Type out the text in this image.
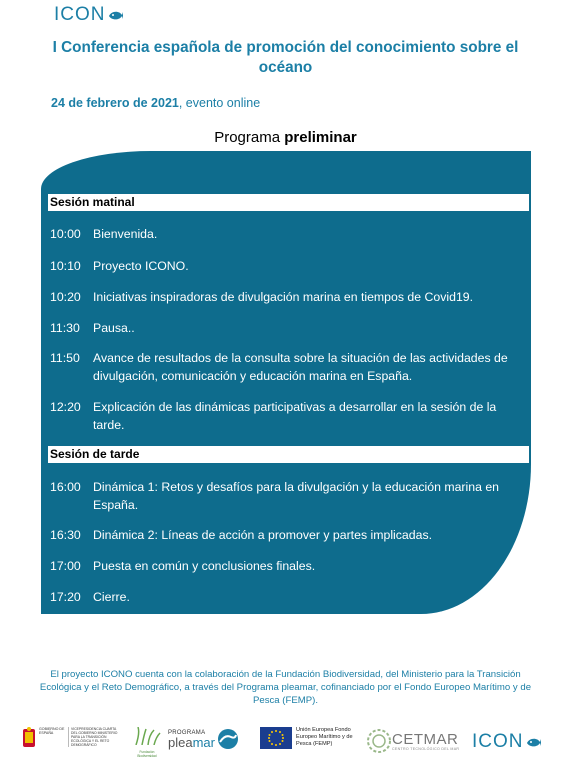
ICON
I Conferencia española de promoción del conocimiento sobre el océano
24 de febrero de 2021, evento online
Programa preliminar
Sesión matinal
10:00 Bienvenida.
10:10 Proyecto ICONO.
10:20 Iniciativas inspiradoras de divulgación marina en tiempos de Covid19.
11:30	Pausa..
11:50	Avance de resultados de la consulta sobre la situación de las actividades de divulgación, comunicación y educación marina en España.
12:20 Explicación de las dinámicas participativas a desarrollar en la sesión de la tarde.
Sesión de tarde
16:00 Dinámica 1: Retos y desafíos para la divulgación y la educación marina en España.
16:30 Dinámica 2: Líneas de acción a promover y partes implicadas.
17:00 Puesta en común y conclusiones finales.
17:20 Cierre.
El proyecto ICONO cuenta con la colaboración de la Fundación Biodiversidad, del Ministerio para la Transición Ecológica y el Reto Demográfico, a través del Programa pleamar, cofinanciado por el Fondo Europeo Marítimo y de Pesca (FEMP).
GOBIERNO DE ESPAÑA
VICEPRESIDENCIA CUARTA DEL GOBIERNO MINISTERIO PARA LA TRANSICIÓN ECOLÓGICA Y EL RETO DEMOGRÁFICO
Fundación Biodiversidad
PROGRAMA
pleamar
Unión Europea Fondo Europeo Marítimo y de Pesca (FEMP)	CETMAR
CENTRO TECNOLÓGICO DEL MAR ICON
